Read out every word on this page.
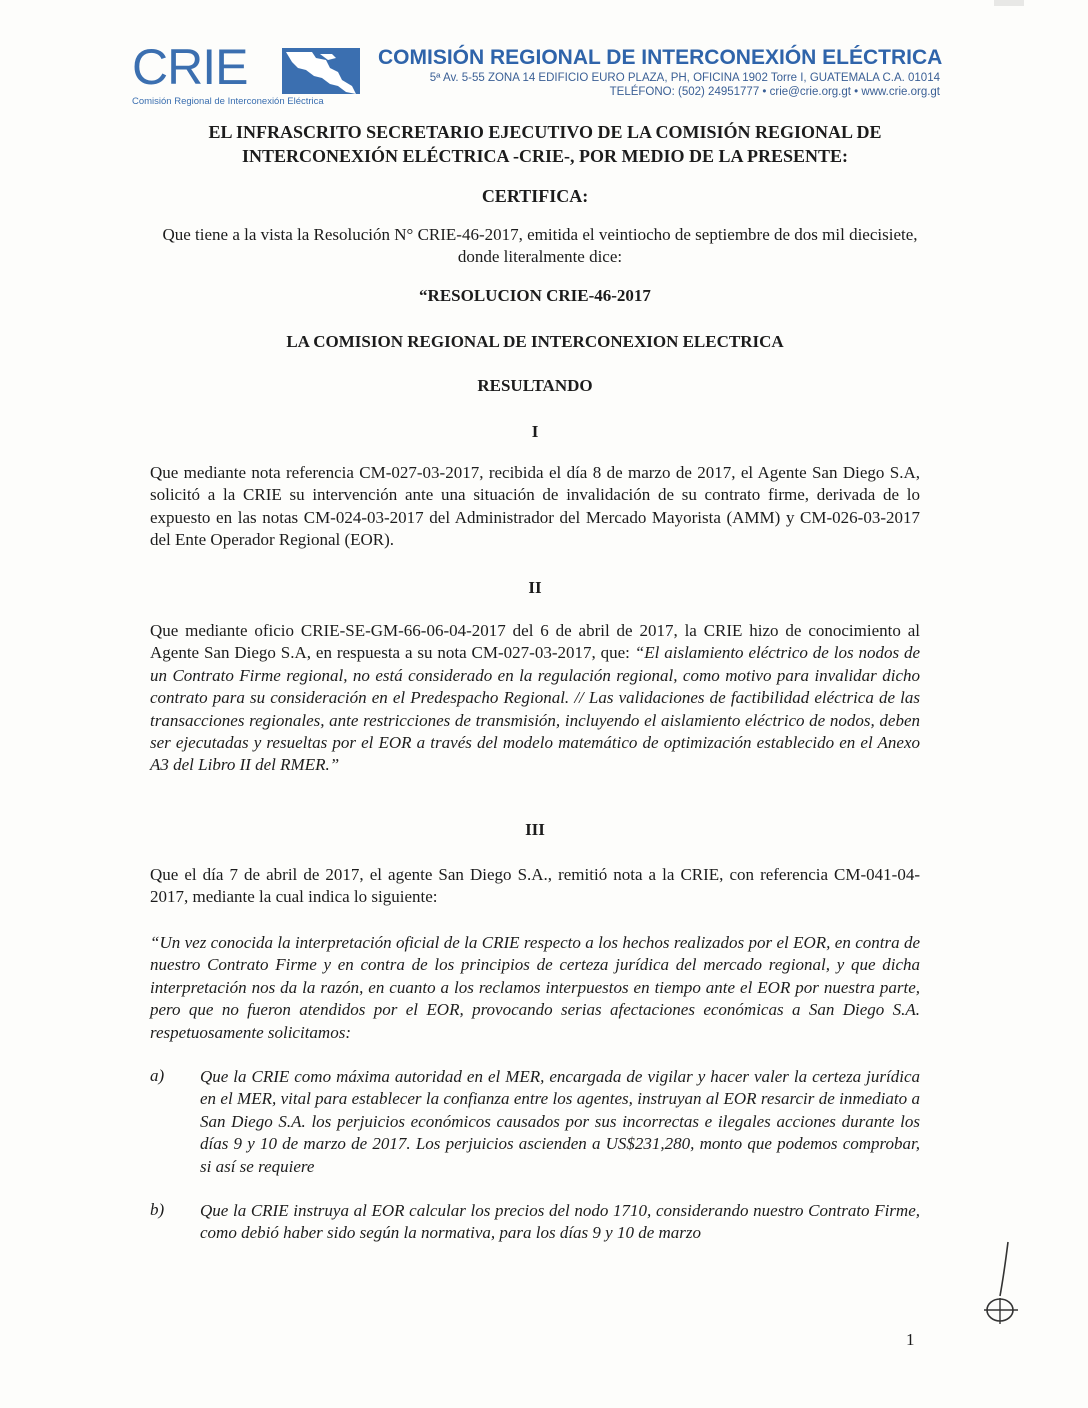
CRIE
Comisión Regional de Interconexión Eléctrica
COMISIÓN REGIONAL DE INTERCONEXIÓN ELÉCTRICA
5ª Av. 5-55 ZONA 14 EDIFICIO EURO PLAZA, PH, OFICINA 1902 Torre I, GUATEMALA C.A. 01014
TELÉFONO: (502) 24951777 • crie@crie.org.gt • www.crie.org.gt
EL INFRASCRITO SECRETARIO EJECUTIVO DE LA COMISIÓN REGIONAL DE
INTERCONEXIÓN ELÉCTRICA -CRIE-, POR MEDIO DE LA PRESENTE:
CERTIFICA:
Que tiene a la vista la Resolución N° CRIE-46-2017, emitida el veintiocho de septiembre de dos mil diecisiete, donde literalmente dice:
“RESOLUCION CRIE-46-2017
LA COMISION REGIONAL DE INTERCONEXION ELECTRICA
RESULTANDO
I
Que mediante nota referencia CM-027-03-2017, recibida el día 8 de marzo de 2017, el Agente San Diego S.A, solicitó a la CRIE su intervención ante una situación de invalidación de su contrato firme, derivada de lo expuesto en las notas CM-024-03-2017 del Administrador del Mercado Mayorista (AMM) y CM-026-03-2017 del Ente Operador Regional (EOR).
II
Que mediante oficio CRIE-SE-GM-66-06-04-2017 del 6 de abril de 2017, la CRIE hizo de conocimiento al Agente San Diego S.A, en respuesta a su nota CM-027-03-2017, que: “El aislamiento eléctrico de los nodos de un Contrato Firme regional, no está considerado en la regulación regional, como motivo para invalidar dicho contrato para su consideración en el Predespacho Regional. // Las validaciones de factibilidad eléctrica de las transacciones regionales, ante restricciones de transmisión, incluyendo el aislamiento eléctrico de nodos, deben ser ejecutadas y resueltas por el EOR a través del modelo matemático de optimización establecido en el Anexo A3 del Libro II del RMER.”
III
Que el día 7 de abril de 2017, el agente San Diego S.A., remitió nota a la CRIE, con referencia CM-041-04-2017, mediante la cual indica lo siguiente:
“Un vez conocida la interpretación oficial de la CRIE respecto a los hechos realizados por el EOR, en contra de nuestro Contrato Firme y en contra de los principios de certeza jurídica del mercado regional, y que dicha interpretación nos da la razón, en cuanto a los reclamos interpuestos en tiempo ante el EOR por nuestra parte, pero que no fueron atendidos por el EOR, provocando serias afectaciones económicas a San Diego S.A. respetuosamente solicitamos:
a) Que la CRIE como máxima autoridad en el MER, encargada de vigilar y hacer valer la certeza jurídica en el MER, vital para establecer la confianza entre los agentes, instruyan al EOR resarcir de inmediato a San Diego S.A. los perjuicios económicos causados por sus incorrectas e ilegales acciones durante los días 9 y 10 de marzo de 2017. Los perjuicios ascienden a US$231,280, monto que podemos comprobar, si así se requiere
b) Que la CRIE instruya al EOR calcular los precios del nodo 1710, considerando nuestro Contrato Firme, como debió haber sido según la normativa, para los días 9 y 10 de marzo
1
